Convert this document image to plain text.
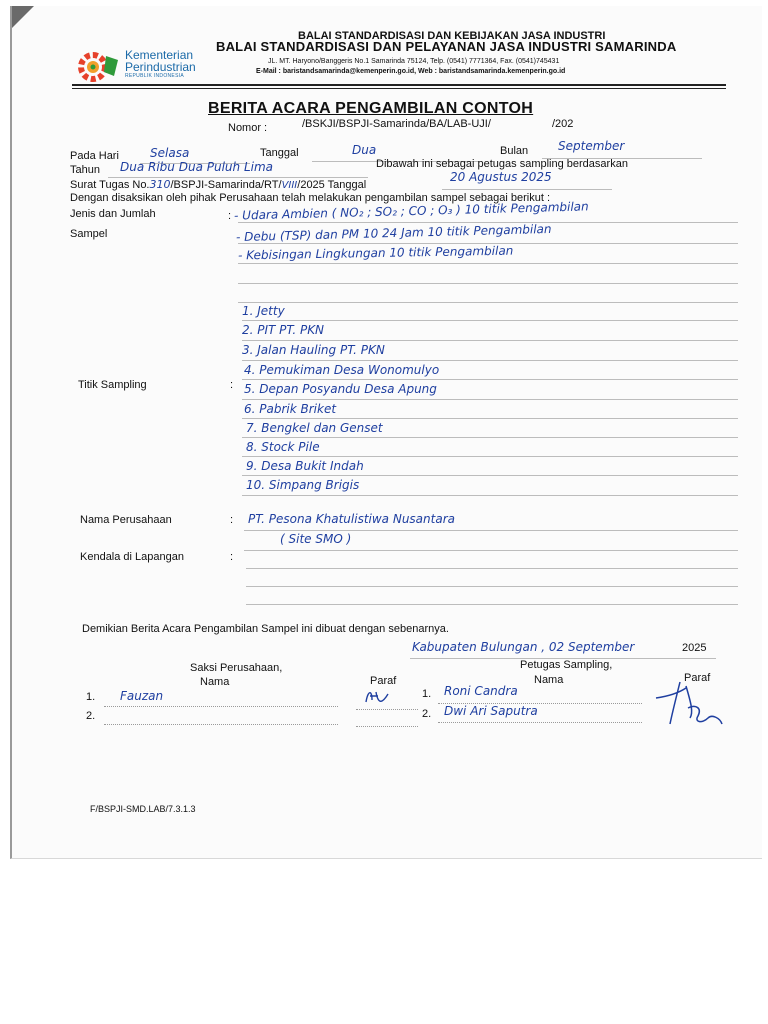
Kementerian
Perindustrian
REPUBLIK INDONESIA
BALAI STANDARDISASI DAN KEBIJAKAN JASA INDUSTRI
BALAI STANDARDISASI DAN PELAYANAN JASA INDUSTRI SAMARINDA
JL. MT. Haryono/Banggeris No.1 Samarinda 75124, Telp. (0541) 7771364, Fax. (0541)745431
E-Mail : baristandsamarinda@kemenperin.go.id, Web : baristandsamarinda.kemenperin.go.id
BERITA ACARA PENGAMBILAN CONTOH
Nomor :	/BSKJI/BSPJI-Samarinda/BA/LAB-UJI/	/202
Pada Hari	Selasa	Tanggal	Dua	Bulan September
Tahun Dua Ribu Dua Puluh Lima	Dibawah ini sebagai petugas sampling berdasarkan
Surat Tugas No.310/BSPJI-Samarinda/RT/VIII/2025 Tanggal
20 Agustus 2025
Dengan disaksikan oleh pihak Perusahaan telah melakukan pengambilan sampel sebagai berikut :
Jenis dan Jumlah
Sampel
: - Udara Ambien ( NO₂ ; SO₂ ; CO ; O₃ ) 10 titik Pengambilan
- Debu (TSP) dan PM 10 24 Jam 10 titik Pengambilan
- Kebisingan Lingkungan 10 titik Pengambilan
Titik Sampling	:
1. Jetty
2. PIT PT. PKN
3. Jalan Hauling PT. PKN
4. Pemukiman Desa Wonomulyo
5. Depan Posyandu Desa Apung
6. Pabrik Briket
7. Bengkel dan Genset
8. Stock Pile
9. Desa Bukit Indah
10. Simpang Brigis
Nama Perusahaan	: PT. Pesona Khatulistiwa Nusantara
( Site SMO )
Kendala di Lapangan	:
Demikian Berita Acara Pengambilan Sampel ini dibuat dengan sebenarnya.
Kabupaten Bulungan , 02 September	2025
Saksi Perusahaan,
Nama	Paraf
Petugas Sampling,
Nama	Paraf
1. Fauzan
2.
1. Roni Candra
2. Dwi Ari Saputra
F/BSPJI-SMD.LAB/7.3.1.3
